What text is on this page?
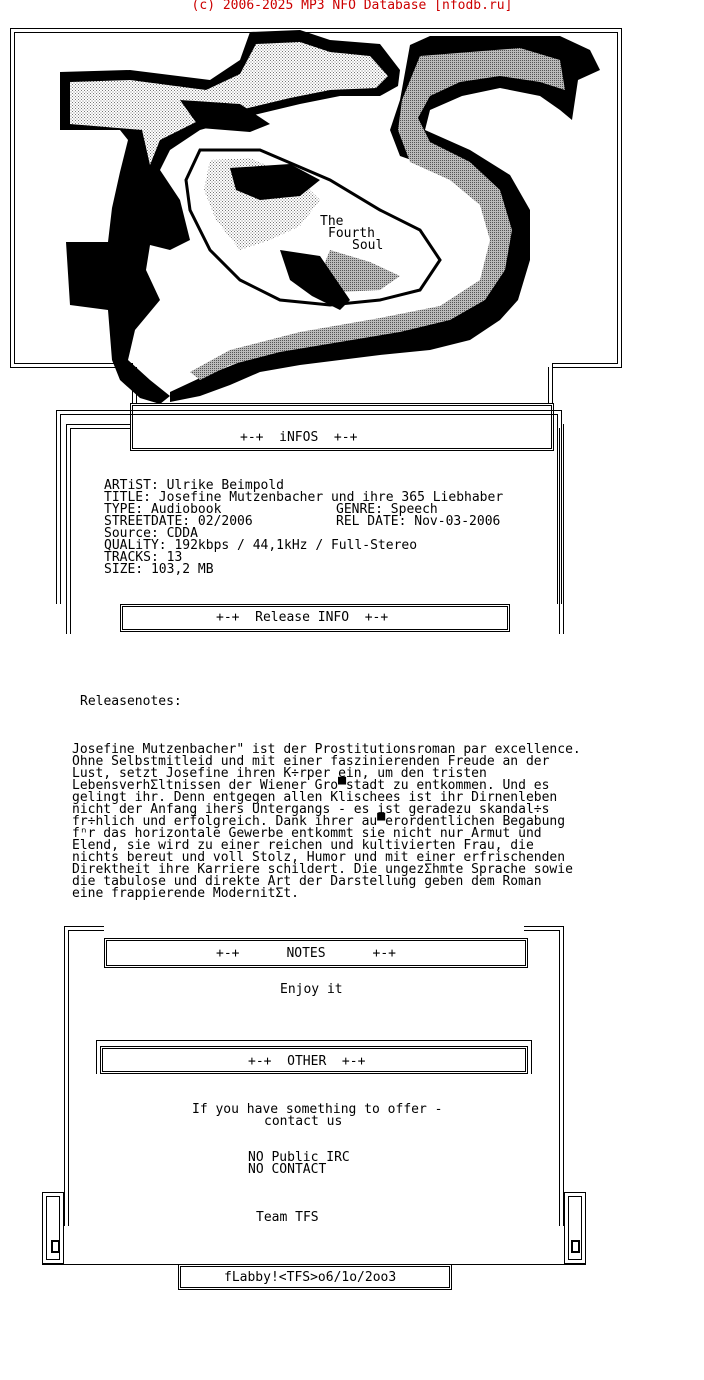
(c) 2006-2025 MP3 NFO Database [nfodb.ru]
The
Fourth
Soul
+-+  iNFOS  +-+
ARTiST: Ulrike Beimpold
TITLE: Josefine Mutzenbacher und ihre 365 Liebhaber
TYPE: Audiobook	GENRE: Speech
STREETDATE: 02/2006	REL DATE: Nov-03-2006
Source: CDDA
QUALiTY: 192kbps / 44,1kHz / Full-Stereo
TRACKS: 13
SIZE: 103,2 MB
+-+  Release INFO  +-+
Releasenotes:
Josefine Mutzenbacher" ist der Prostitutionsroman par excellence.
Ohne Selbstmitleid und mit einer faszinierenden Freude an der
Lust, setzt Josefine ihren K÷rper ein, um den tristen
LebensverhΣltnissen der Wiener Gro▀stadt zu entkommen. Und es
gelingt ihr. Denn entgegen allen Klischees ist ihr Dirnenleben
nicht der Anfang ihers Untergangs - es ist geradezu skandal÷s
fr÷hlich und erfolgreich. Dank ihrer au▀erordentlichen Begabung
fⁿr das horizontale Gewerbe entkommt sie nicht nur Armut und
Elend, sie wird zu einer reichen und kultivierten Frau, die
nichts bereut und voll Stolz, Humor und mit einer erfrischenden
Direktheit ihre Karriere schildert. Die ungezΣhmte Sprache sowie
die tabulose und direkte Art der Darstellung geben dem Roman
eine frappierende ModernitΣt.
+-+      NOTES      +-+
Enjoy it
+-+  OTHER  +-+
If you have something to offer -
contact us
NO Public IRC
NO CONTACT
Team TFS
fLabby!<TFS>o6/1o/2oo3
